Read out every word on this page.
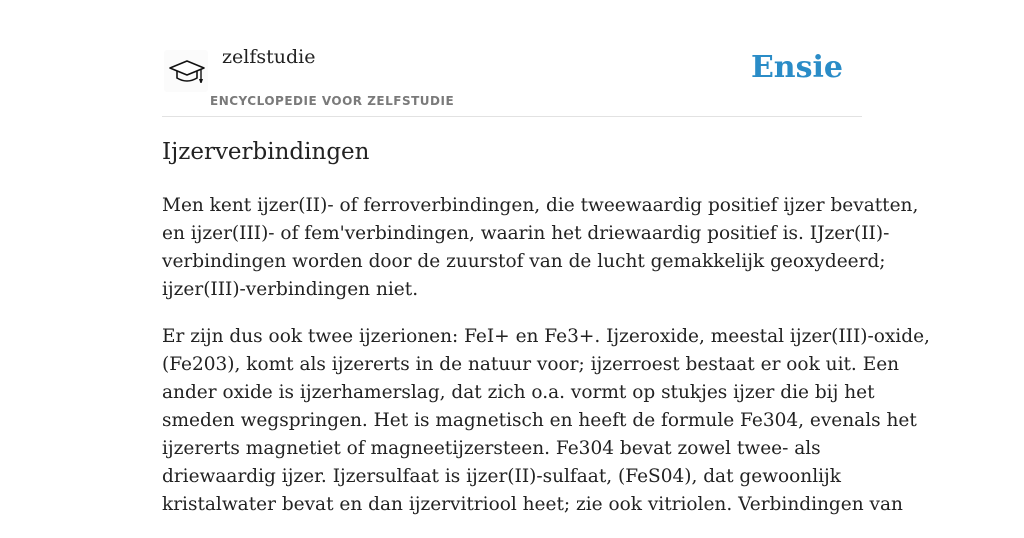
zelfstudie
ENCYCLOPEDIE VOOR ZELFSTUDIE
Ensie
Ijzerverbindingen

Men kent ijzer(II)- of ferroverbindingen, die tweewaardig positief ijzer bevatten,
en ijzer(III)- of fem'verbindingen, waarin het driewaardig positief is. IJzer(II)-
verbindingen worden door de zuurstof van de lucht gemakkelijk geoxydeerd;
ijzer(III)-verbindingen niet.

Er zijn dus ook twee ijzerionen: FeI+ en Fe3+. Ijzeroxide, meestal ijzer(III)-oxide,
(Fe203), komt als ijzererts in de natuur voor; ijzerroest bestaat er ook uit. Een
ander oxide is ijzerhamerslag, dat zich o.a. vormt op stukjes ijzer die bij het
smeden wegspringen. Het is magnetisch en heeft de formule Fe304, evenals het
ijzererts magnetiet of magneetijzersteen. Fe304 bevat zowel twee- als
driewaardig ijzer. Ijzersulfaat is ijzer(II)-sulfaat, (FeS04), dat gewoonlijk
kristalwater bevat en dan ijzervitriool heet; zie ook vitriolen. Verbindingen van
